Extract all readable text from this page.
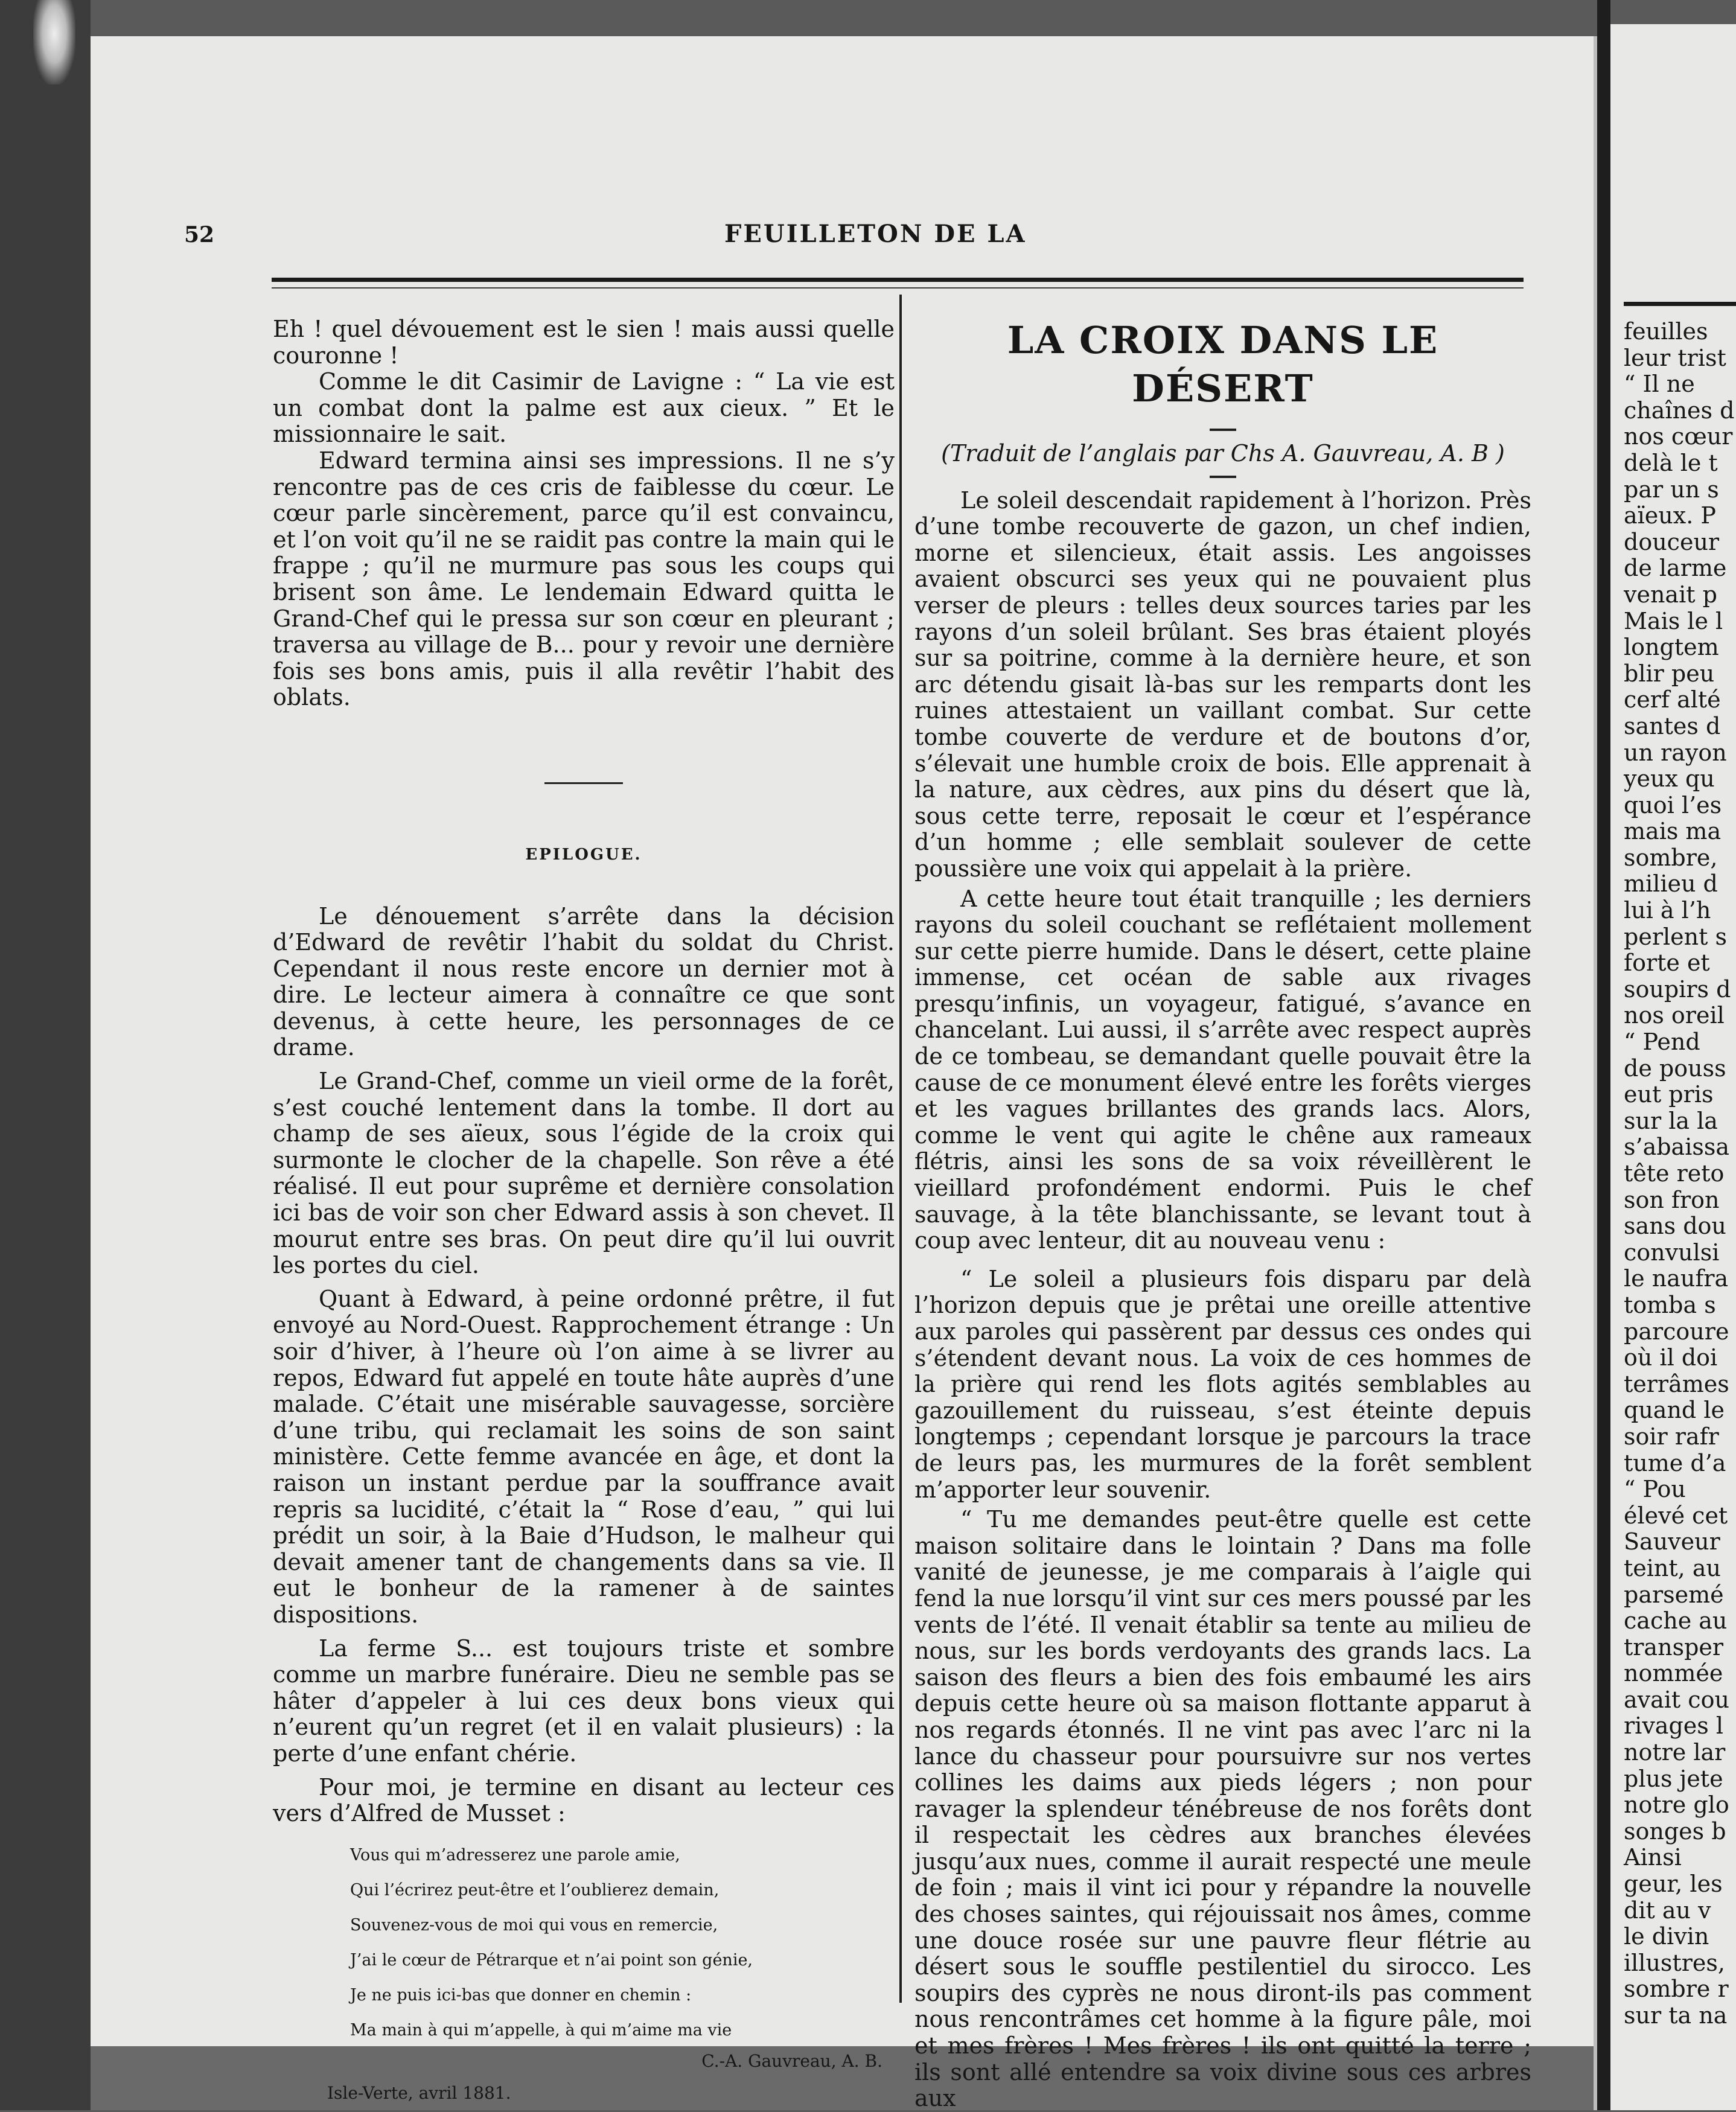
52	FEUILLETON DE LA

Eh ! quel dévouement est le sien ! mais aussi quelle couronne !

Comme le dit Casimir de Lavigne : “ La vie est un combat dont la palme est aux cieux. ” Et le missionnaire le sait.

Edward termina ainsi ses impressions. Il ne s’y rencontre pas de ces cris de faiblesse du cœur. Le cœur parle sincèrement, parce qu’il est convaincu, et l’on voit qu’il ne se raidit pas contre la main qui le frappe ; qu’il ne murmure pas sous les coups qui brisent son âme. Le lendemain Edward quitta le Grand-Chef qui le pressa sur son cœur en pleurant ; traversa au village de B... pour y revoir une dernière fois ses bons amis, puis il alla revêtir l’habit des oblats.

EPILOGUE.

Le dénouement s’arrête dans la décision d’Edward de revêtir l’habit du soldat du Christ. Cependant il nous reste encore un dernier mot à dire. Le lecteur aimera à connaître ce que sont devenus, à cette heure, les personnages de ce drame.

Le Grand-Chef, comme un vieil orme de la forêt, s’est couché lentement dans la tombe. Il dort au champ de ses aïeux, sous l’égide de la croix qui surmonte le clocher de la chapelle. Son rêve a été réalisé. Il eut pour suprême et dernière consolation ici bas de voir son cher Edward assis à son chevet. Il mourut entre ses bras. On peut dire qu’il lui ouvrit les portes du ciel.

Quant à Edward, à peine ordonné prêtre, il fut envoyé au Nord-Ouest. Rapprochement étrange : Un soir d’hiver, à l’heure où l’on aime à se livrer au repos, Edward fut appelé en toute hâte auprès d’une malade. C’était une misérable sauvagesse, sorcière d’une tribu, qui reclamait les soins de son saint ministère. Cette femme avancée en âge, et dont la raison un instant perdue par la souffrance avait repris sa lucidité, c’était la “ Rose d’eau, ” qui lui prédit un soir, à la Baie d’Hudson, le malheur qui devait amener tant de changements dans sa vie. Il eut le bonheur de la ramener à de saintes dispositions.

La ferme S... est toujours triste et sombre comme un marbre funéraire. Dieu ne semble pas se hâter d’appeler à lui ces deux bons vieux qui n’eurent qu’un regret (et il en valait plusieurs) : la perte d’une enfant chérie.

Pour moi, je termine en disant au lecteur ces vers d’Alfred de Musset :

Vous qui m’adresserez une parole amie,
Qui l’écrirez peut-être et l’oublierez demain,
Souvenez-vous de moi qui vous en remercie,
J’ai le cœur de Pétrarque et n’ai point son génie,
Je ne puis ici-bas que donner en chemin :
Ma main à qui m’appelle, à qui m’aime ma vie
C.-A. Gauvreau, A. B.
Isle-Verte, avril 1881.
LA CROIX DANS LE DÉSERT
(Traduit de l’anglais par Chs A. Gauvreau, A. B )

Le soleil descendait rapidement à l’horizon. Près d’une tombe recouverte de gazon, un chef indien, morne et silencieux, était assis. Les angoisses avaient obscurci ses yeux qui ne pouvaient plus verser de pleurs : telles deux sources taries par les rayons d’un soleil brûlant. Ses bras étaient ployés sur sa poitrine, comme à la dernière heure, et son arc détendu gisait là-bas sur les remparts dont les ruines attestaient un vaillant combat. Sur cette tombe couverte de verdure et de boutons d’or, s’élevait une humble croix de bois. Elle apprenait à la nature, aux cèdres, aux pins du désert que là, sous cette terre, reposait le cœur et l’espérance d’un homme ; elle semblait soulever de cette poussière une voix qui appelait à la prière.

A cette heure tout était tranquille ; les derniers rayons du soleil couchant se reflétaient mollement sur cette pierre humide. Dans le désert, cette plaine immense, cet océan de sable aux rivages presqu’infinis, un voyageur, fatigué, s’avance en chancelant. Lui aussi, il s’arrête avec respect auprès de ce tombeau, se demandant quelle pouvait être la cause de ce monument élevé entre les forêts vierges et les vagues brillantes des grands lacs. Alors, comme le vent qui agite le chêne aux rameaux flétris, ainsi les sons de sa voix réveillèrent le vieillard profondément endormi. Puis le chef sauvage, à la tête blanchissante, se levant tout à coup avec lenteur, dit au nouveau venu :

“ Le soleil a plusieurs fois disparu par delà l’horizon depuis que je prêtai une oreille attentive aux paroles qui passèrent par dessus ces ondes qui s’étendent devant nous. La voix de ces hommes de la prière qui rend les flots agités semblables au gazouillement du ruisseau, s’est éteinte depuis longtemps ; cependant lorsque je parcours la trace de leurs pas, les murmures de la forêt semblent m’apporter leur souvenir.

“ Tu me demandes peut-être quelle est cette maison solitaire dans le lointain ? Dans ma folle vanité de jeunesse, je me comparais à l’aigle qui fend la nue lorsqu’il vint sur ces mers poussé par les vents de l’été. Il venait établir sa tente au milieu de nous, sur les bords verdoyants des grands lacs. La saison des fleurs a bien des fois embaumé les airs depuis cette heure où sa maison flottante apparut à nos regards étonnés. Il ne vint pas avec l’arc ni la lance du chasseur pour poursuivre sur nos vertes collines les daims aux pieds légers ; non pour ravager la splendeur ténébreuse de nos forêts dont il respectait les cèdres aux branches élevées jusqu’aux nues, comme il aurait respecté une meule de foin ; mais il vint ici pour y répandre la nouvelle des choses saintes, qui réjouissait nos âmes, comme une douce rosée sur une pauvre fleur flétrie au désert sous le souffle pestilentiel du sirocco. Les soupirs des cyprès ne nous diront-ils pas comment nous rencontrâmes cet homme à la figure pâle, moi et mes frères ! Mes frères ! ils ont quitté la terre ; ils sont allé entendre sa voix divine sous ces arbres aux

feuilles

leur trist

“ Il ne

chaînes d

nos cœur

delà le t

par un s

aïeux. P

douceur

de larme

venait p

Mais le l

longtem

blir peu

cerf alté

santes d

un rayon

yeux qu

quoi l’es

mais ma

sombre,

milieu d

lui à l’h

perlent s

forte et

soupirs d

nos oreil

“ Pend

de pouss

eut pris

sur la la

s’abaissa

tête reto

son fron

sans dou

convulsi

le naufra

tomba s

parcoure

où il doi

terrâmes

quand le

soir rafr

tume d’a

“ Pou

élevé cet

Sauveur

teint, au

parsemé

cache au

transper

nommée

avait cou

rivages l

notre lar

plus jete

notre glo

songes b

Ainsi

geur, les

dit au v

le divin

illustres,

sombre r

sur ta na
